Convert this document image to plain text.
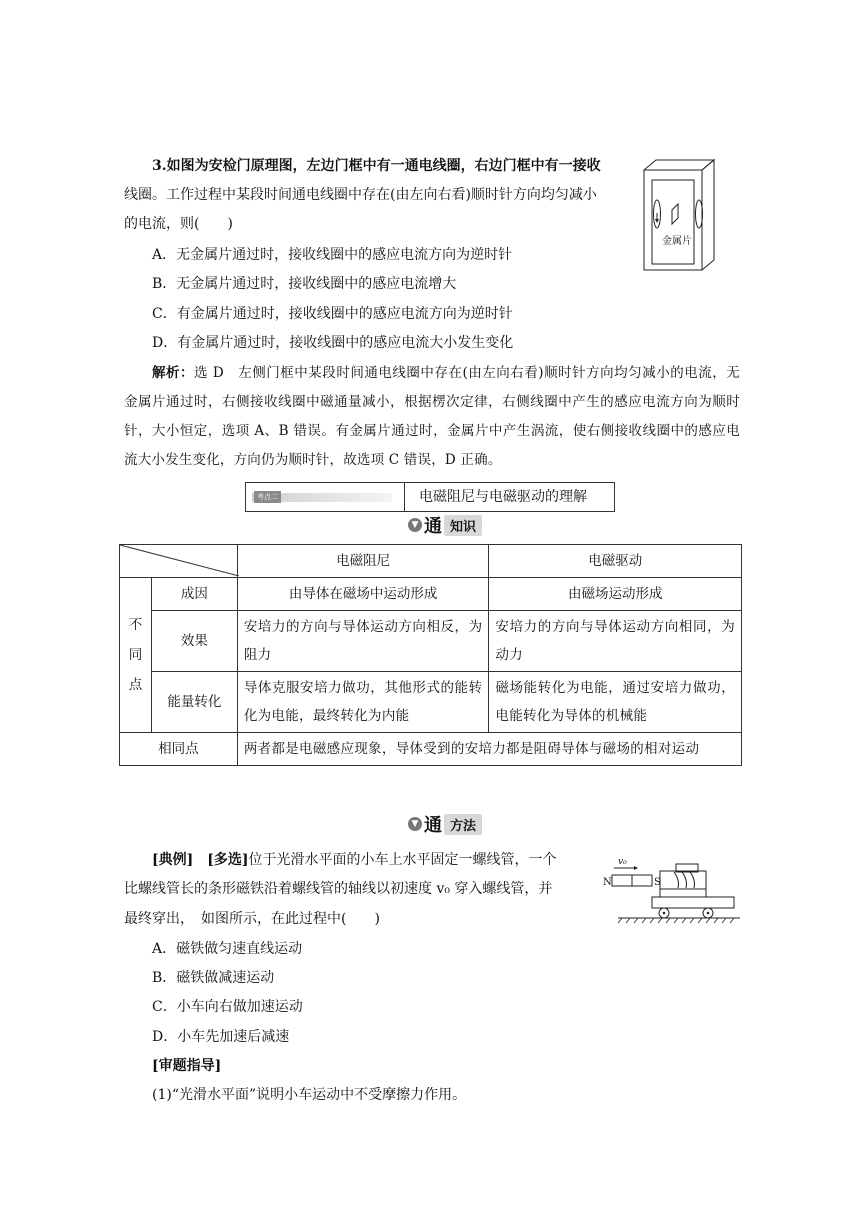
3.如图为安检门原理图，左边门框中有一通电线圈，右边门框中有一接收
线圈。工作过程中某段时间通电线圈中存在(由左向右看)顺时针方向均匀减小
的电流，则(　　)
金属片
A．无金属片通过时，接收线圈中的感应电流方向为逆时针
B．无金属片通过时，接收线圈中的感应电流增大
C．有金属片通过时，接收线圈中的感应电流方向为逆时针
D．有金属片通过时，接收线圈中的感应电流大小发生变化

解析：选 D　左侧门框中某段时间通电线圈中存在(由左向右看)顺时针方向均匀减小的电流，无金属片通过时，右侧接收线圈中磁通量减小，根据楞次定律，右侧线圈中产生的感应电流方向为顺时针，大小恒定，选项 A、B 错误。有金属片通过时，金属片中产生涡流，使右侧接收线圈中的感应电流大小发生变化，方向仍为顺时针，故选项 C 错误，D 正确。

考点二	电磁阻尼与电磁驱动的理解
▼ 通 知识
	电磁阻尼	电磁驱动
不同点	成因	由导体在磁场中运动形成	由磁场运动形成
	效果	安培力的方向与导体运动方向相反，为阻力	安培力的方向与导体运动方向相同，为动力
	能量转化	导体克服安培力做功，其他形式的能转化为电能，最终转化为内能	磁场能转化为电能，通过安培力做功，电能转化为导体的机械能
相同点		两者都是电磁感应现象，导体受到的安培力都是阻碍导体与磁场的相对运动	
▼ 通 方法
[典例]　[多选]位于光滑水平面的小车上水平固定一螺线管，一个
比螺线管长的条形磁铁沿着螺线管的轴线以初速度 v₀ 穿入螺线管，并
最终穿出，　如图所示，在此过程中(　　)
N	S
v₀
A．磁铁做匀速直线运动
B．磁铁做减速运动
C．小车向右做加速运动
D．小车先加速后减速
[审题指导]
(1)“光滑水平面”说明小车运动中不受摩擦力作用。
